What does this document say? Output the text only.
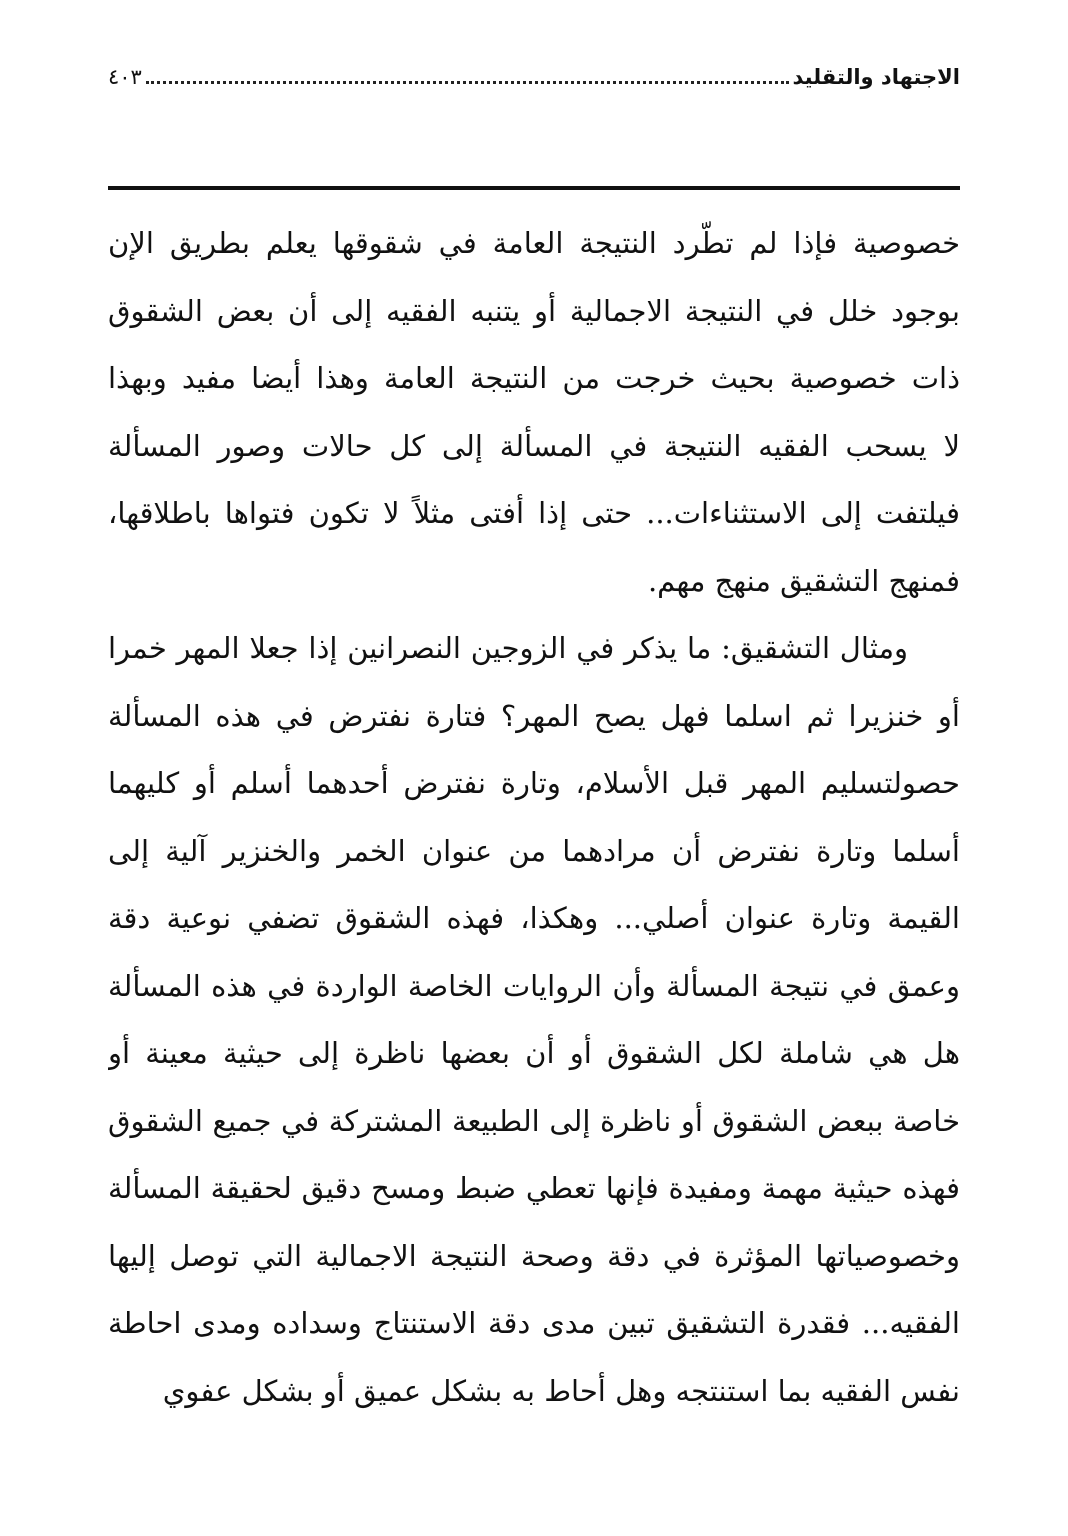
الاجتهاد والتقليد
٤٠٣
خصوصية فإذا لم تطّرد النتيجة العامة في شقوقها يعلم بطريق الإن
بوجود خلل في النتيجة الاجمالية أو يتنبه الفقيه إلى أن بعض الشقوق
ذات خصوصية بحيث خرجت من النتيجة العامة وهذا أيضا مفيد وبهذا
لا يسحب الفقيه النتيجة في المسألة إلى كل حالات وصور المسألة
فيلتفت إلى الاستثناءات... حتى إذا أفتى مثلاً لا تكون فتواها باطلاقها،
فمنهج التشقيق منهج مهم.
ومثال التشقيق: ما يذكر في الزوجين النصرانين إذا جعلا المهر خمرا
أو خنزيرا ثم اسلما فهل يصح المهر؟ فتارة نفترض في هذه المسألة
حصولتسليم المهر قبل الأسلام، وتارة نفترض أحدهما أسلم أو كليهما
أسلما وتارة نفترض أن مرادهما من عنوان الخمر والخنزير آلية إلى
القيمة وتارة عنوان أصلي... وهكذا، فهذه الشقوق تضفي نوعية دقة
وعمق في نتيجة المسألة وأن الروايات الخاصة الواردة في هذه المسألة
هل هي شاملة لكل الشقوق أو أن بعضها ناظرة إلى حيثية معينة أو
خاصة ببعض الشقوق أو ناظرة إلى الطبيعة المشتركة في جميع الشقوق
فهذه حيثية مهمة ومفيدة فإنها تعطي ضبط ومسح دقيق لحقيقة المسألة
وخصوصياتها المؤثرة في دقة وصحة النتيجة الاجمالية التي توصل إليها
الفقيه... فقدرة التشقيق تبين مدى دقة الاستنتاج وسداده ومدى احاطة
نفس الفقيه بما استنتجه وهل أحاط به بشكل عميق أو بشكل عفوي
